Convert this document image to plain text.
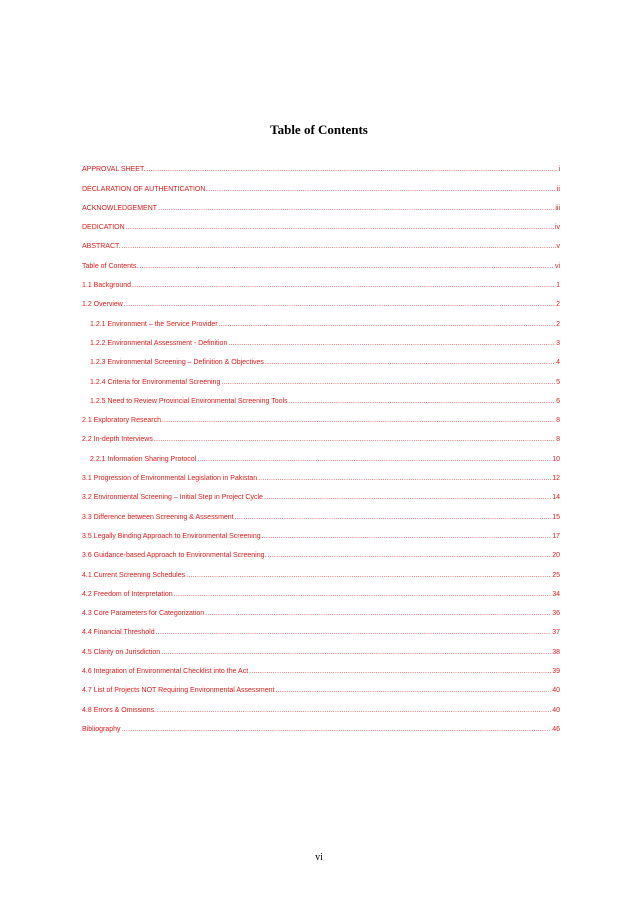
Table of Contents
APPROVAL SHEET. .....	i
DECLARATION OF AUTHENTICATION. .....	ii
ACKNOWLEDGEMENT .....	iii
DEDICATION .....	iv
ABSTRACT. .....	v
Table of Contents. .....	vi
1.1 Background .....	1
1.2 Overview .....	2
1.2.1 Environment – the Service Provider .....	2
1.2.2 Environmental Assessment - Definition .....	3
1.2.3 Environmental Screening – Definition & Objectives .....	4
1.2.4 Criteria for Environmental Screening .....	5
1.2.5 Need to Review Provincial Environmental Screening Tools .....	6
2.1 Exploratory Research. .....	8
2.2 In-depth Interviews .....	8
2.2.1 Information Sharing Protocol .....	10
3.1 Progression of Environmental Legislation in Pakistan .....	12
3.2 Environmental Screening – Initial Step in Project Cycle .....	14
3.3 Difference between Screening & Assessment .....	15
3.5 Legally Binding Approach to Environmental Screening .....	17
3.6 Guidance-based Approach to Environmental Screening. .....	20
4.1 Current Screening Schedules .....	25
4.2 Freedom of Interpretation .....	34
4.3 Core Parameters for Categorization .....	36
4.4 Financial Threshold .....	37
4.5 Clarity on Jurisdiction .....	38
4.6 Integration of Environmental Checklist into the Act .....	39
4.7 List of Projects NOT Requiring Environmental Assessment .....	40
4.8 Errors & Omissions. .....	40
Bibliography .....	46
vi
